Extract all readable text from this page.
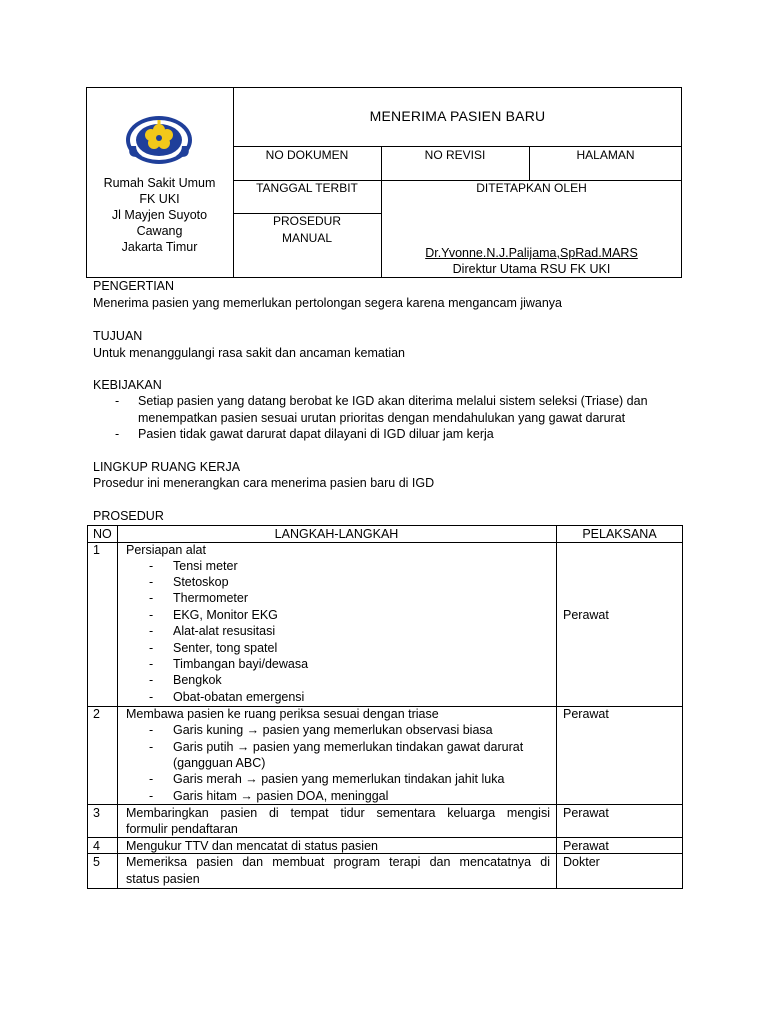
Rumah Sakit Umum
FK UKI
Jl Mayjen Suyoto
Cawang
Jakarta Timur
MENERIMA PASIEN BARU
NO DOKUMEN	NO REVISI	HALAMAN
TANGGAL TERBIT	DITETAPKAN OLEH
PROSEDUR
MANUAL
Dr.Yvonne.N.J.Palijama,SpRad.MARS
Direktur Utama RSU FK UKI
PENGERTIAN
Menerima pasien yang memerlukan pertolongan segera karena mengancam jiwanya
TUJUAN
Untuk menanggulangi rasa sakit dan ancaman kematian
KEBIJAKAN
- Setiap pasien yang datang berobat ke IGD akan diterima melalui sistem seleksi (Triase) dan
menempatkan pasien sesuai urutan prioritas dengan mendahulukan yang gawat darurat
- Pasien tidak gawat darurat dapat dilayani di IGD diluar jam kerja
LINGKUP RUANG KERJA
Prosedur ini menerangkan cara menerima pasien baru di IGD
PROSEDUR
NO	LANGKAH-LANGKAH	PELAKSANA
1 Persiapan alat
- Tensi meter
- Stetoskop
- Thermometer
- EKG, Monitor EKG
- Alat-alat resusitasi
- Senter, tong spatel
- Timbangan bayi/dewasa
- Bengkok
- Obat-obatan emergensi
Perawat
2 Membawa pasien ke ruang periksa sesuai dengan triase
- Garis kuning → pasien yang memerlukan observasi biasa
- Garis putih → pasien yang memerlukan tindakan gawat darurat
(gangguan ABC)
- Garis merah → pasien yang memerlukan tindakan jahit luka
- Garis hitam → pasien DOA, meninggal
Perawat
3 Membaringkan pasien di tempat tidur sementara keluarga mengisi
formulir pendaftaran
Perawat
4 Mengukur TTV dan mencatat di status pasien	Perawat
5 Memeriksa pasien dan membuat program terapi dan mencatatnya di
status pasien
Dokter
